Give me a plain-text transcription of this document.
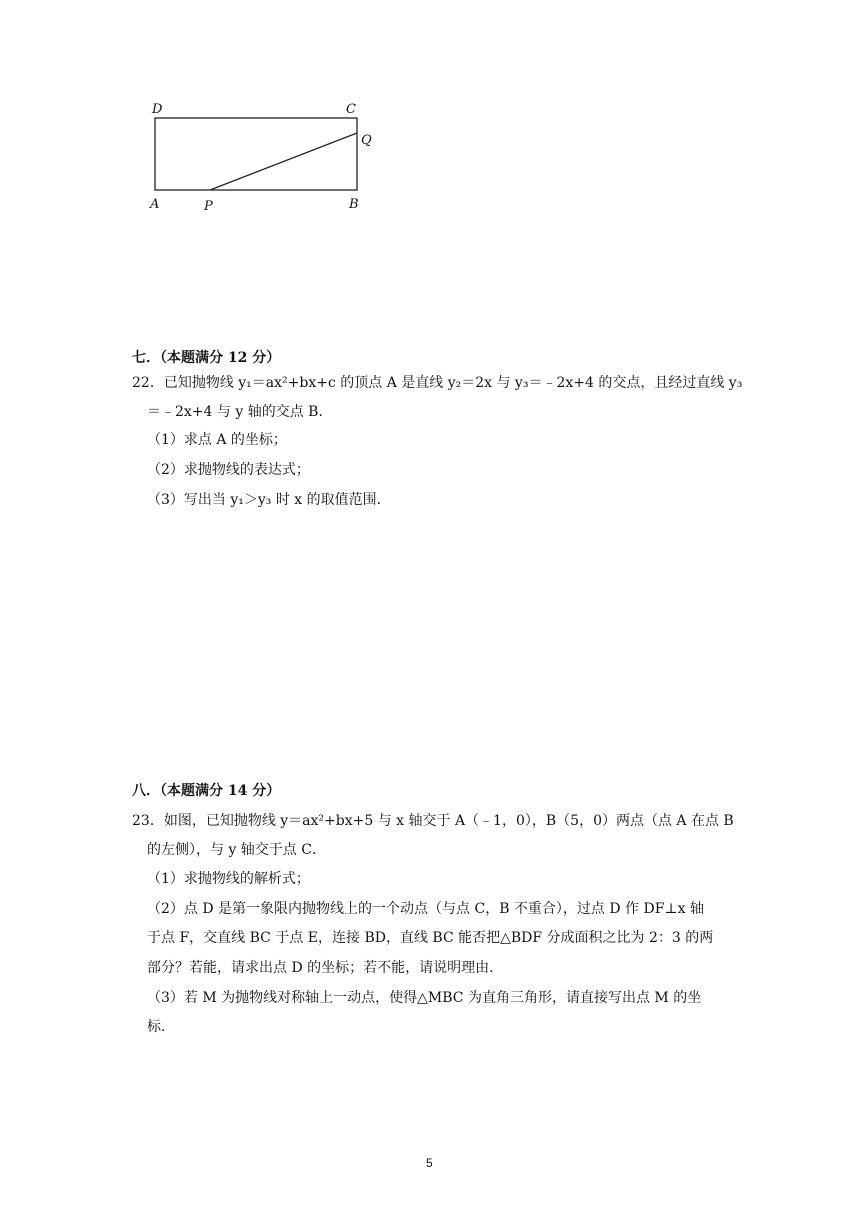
D	C
Q
A	P	B
七．（本题满分 12 分）
22．已知抛物线 y₁＝ax²+bx+c 的顶点 A 是直线 y₂＝2x 与 y₃＝﹣2x+4 的交点，且经过直线 y₃
＝﹣2x+4 与 y 轴的交点 B．
（1）求点 A 的坐标；
（2）求抛物线的表达式；
（3）写出当 y₁＞y₃ 时 x 的取值范围．
八．（本题满分 14 分）
23．如图，已知抛物线 y＝ax²+bx+5 与 x 轴交于 A（﹣1，0），B（5，0）两点（点 A 在点 B
的左侧），与 y 轴交于点 C．
（1）求抛物线的解析式；
（2）点 D 是第一象限内抛物线上的一个动点（与点 C，B 不重合），过点 D 作 DF⊥x 轴
于点 F，交直线 BC 于点 E，连接 BD，直线 BC 能否把△BDF 分成面积之比为 2：3 的两
部分？若能，请求出点 D 的坐标；若不能，请说明理由．
（3）若 M 为抛物线对称轴上一动点，使得△MBC 为直角三角形，请直接写出点 M 的坐
标．
5
